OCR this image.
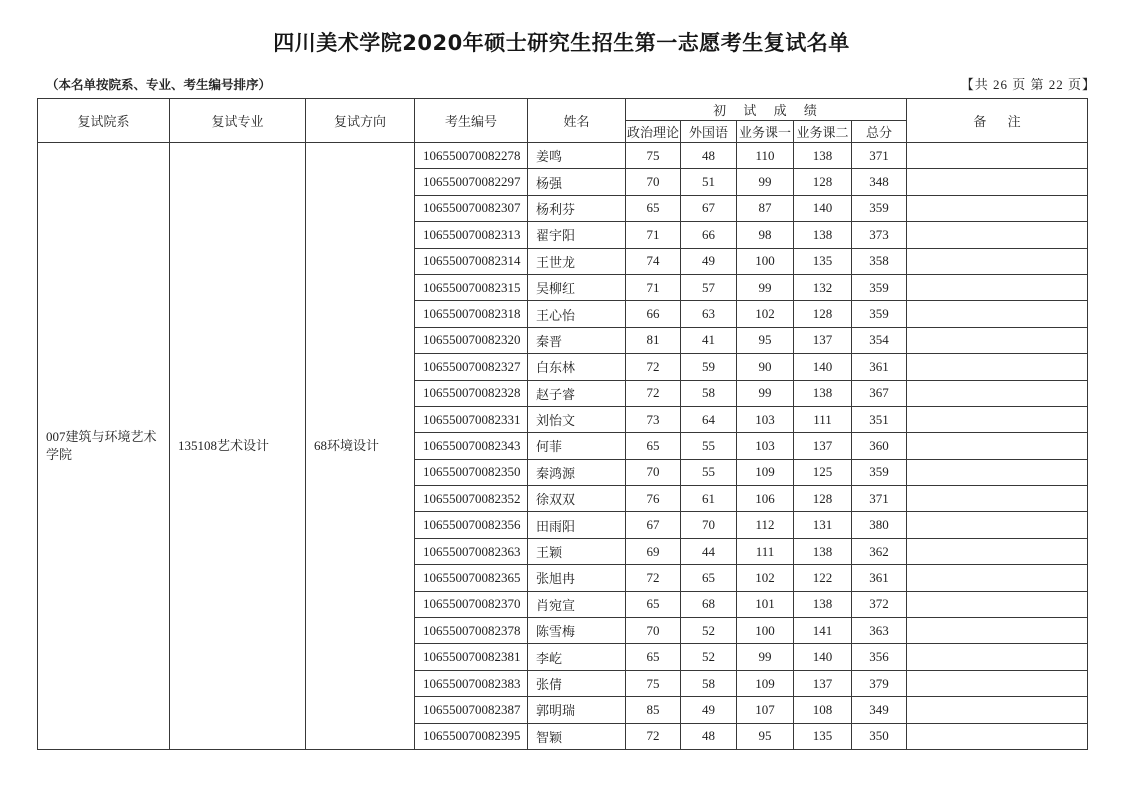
四川美术学院2020年硕士研究生招生第一志愿考生复试名单
（本名单按院系、专业、考生编号排序）	【共 26 页 第 22 页】
复试院系	复试专业	复试方向	考生编号	姓名	初 试 成 绩					备 注
					政治理论	外国语	业务课一	业务课二	总分	
007建筑与环境艺术学院	135108艺术设计	68环境设计	106550070082278	姜鸣	75	48	110	138	371	
			106550070082297	杨强	70	51	99	128	348	
			106550070082307	杨利芬	65	67	87	140	359	
			106550070082313	翟宇阳	71	66	98	138	373	
			106550070082314	王世龙	74	49	100	135	358	
			106550070082315	吴柳红	71	57	99	132	359	
			106550070082318	王心怡	66	63	102	128	359	
			106550070082320	秦晋	81	41	95	137	354	
			106550070082327	白东林	72	59	90	140	361	
			106550070082328	赵子睿	72	58	99	138	367	
			106550070082331	刘怡文	73	64	103	111	351	
			106550070082343	何菲	65	55	103	137	360	
			106550070082350	秦鸿源	70	55	109	125	359	
			106550070082352	徐双双	76	61	106	128	371	
			106550070082356	田雨阳	67	70	112	131	380	
			106550070082363	王颖	69	44	111	138	362	
			106550070082365	张旭冉	72	65	102	122	361	
			106550070082370	肖宛宣	65	68	101	138	372	
			106550070082378	陈雪梅	70	52	100	141	363	
			106550070082381	李屹	65	52	99	140	356	
			106550070082383	张倩	75	58	109	137	379	
			106550070082387	郭明瑞	85	49	107	108	349	
			106550070082395	智颖	72	48	95	135	350	
